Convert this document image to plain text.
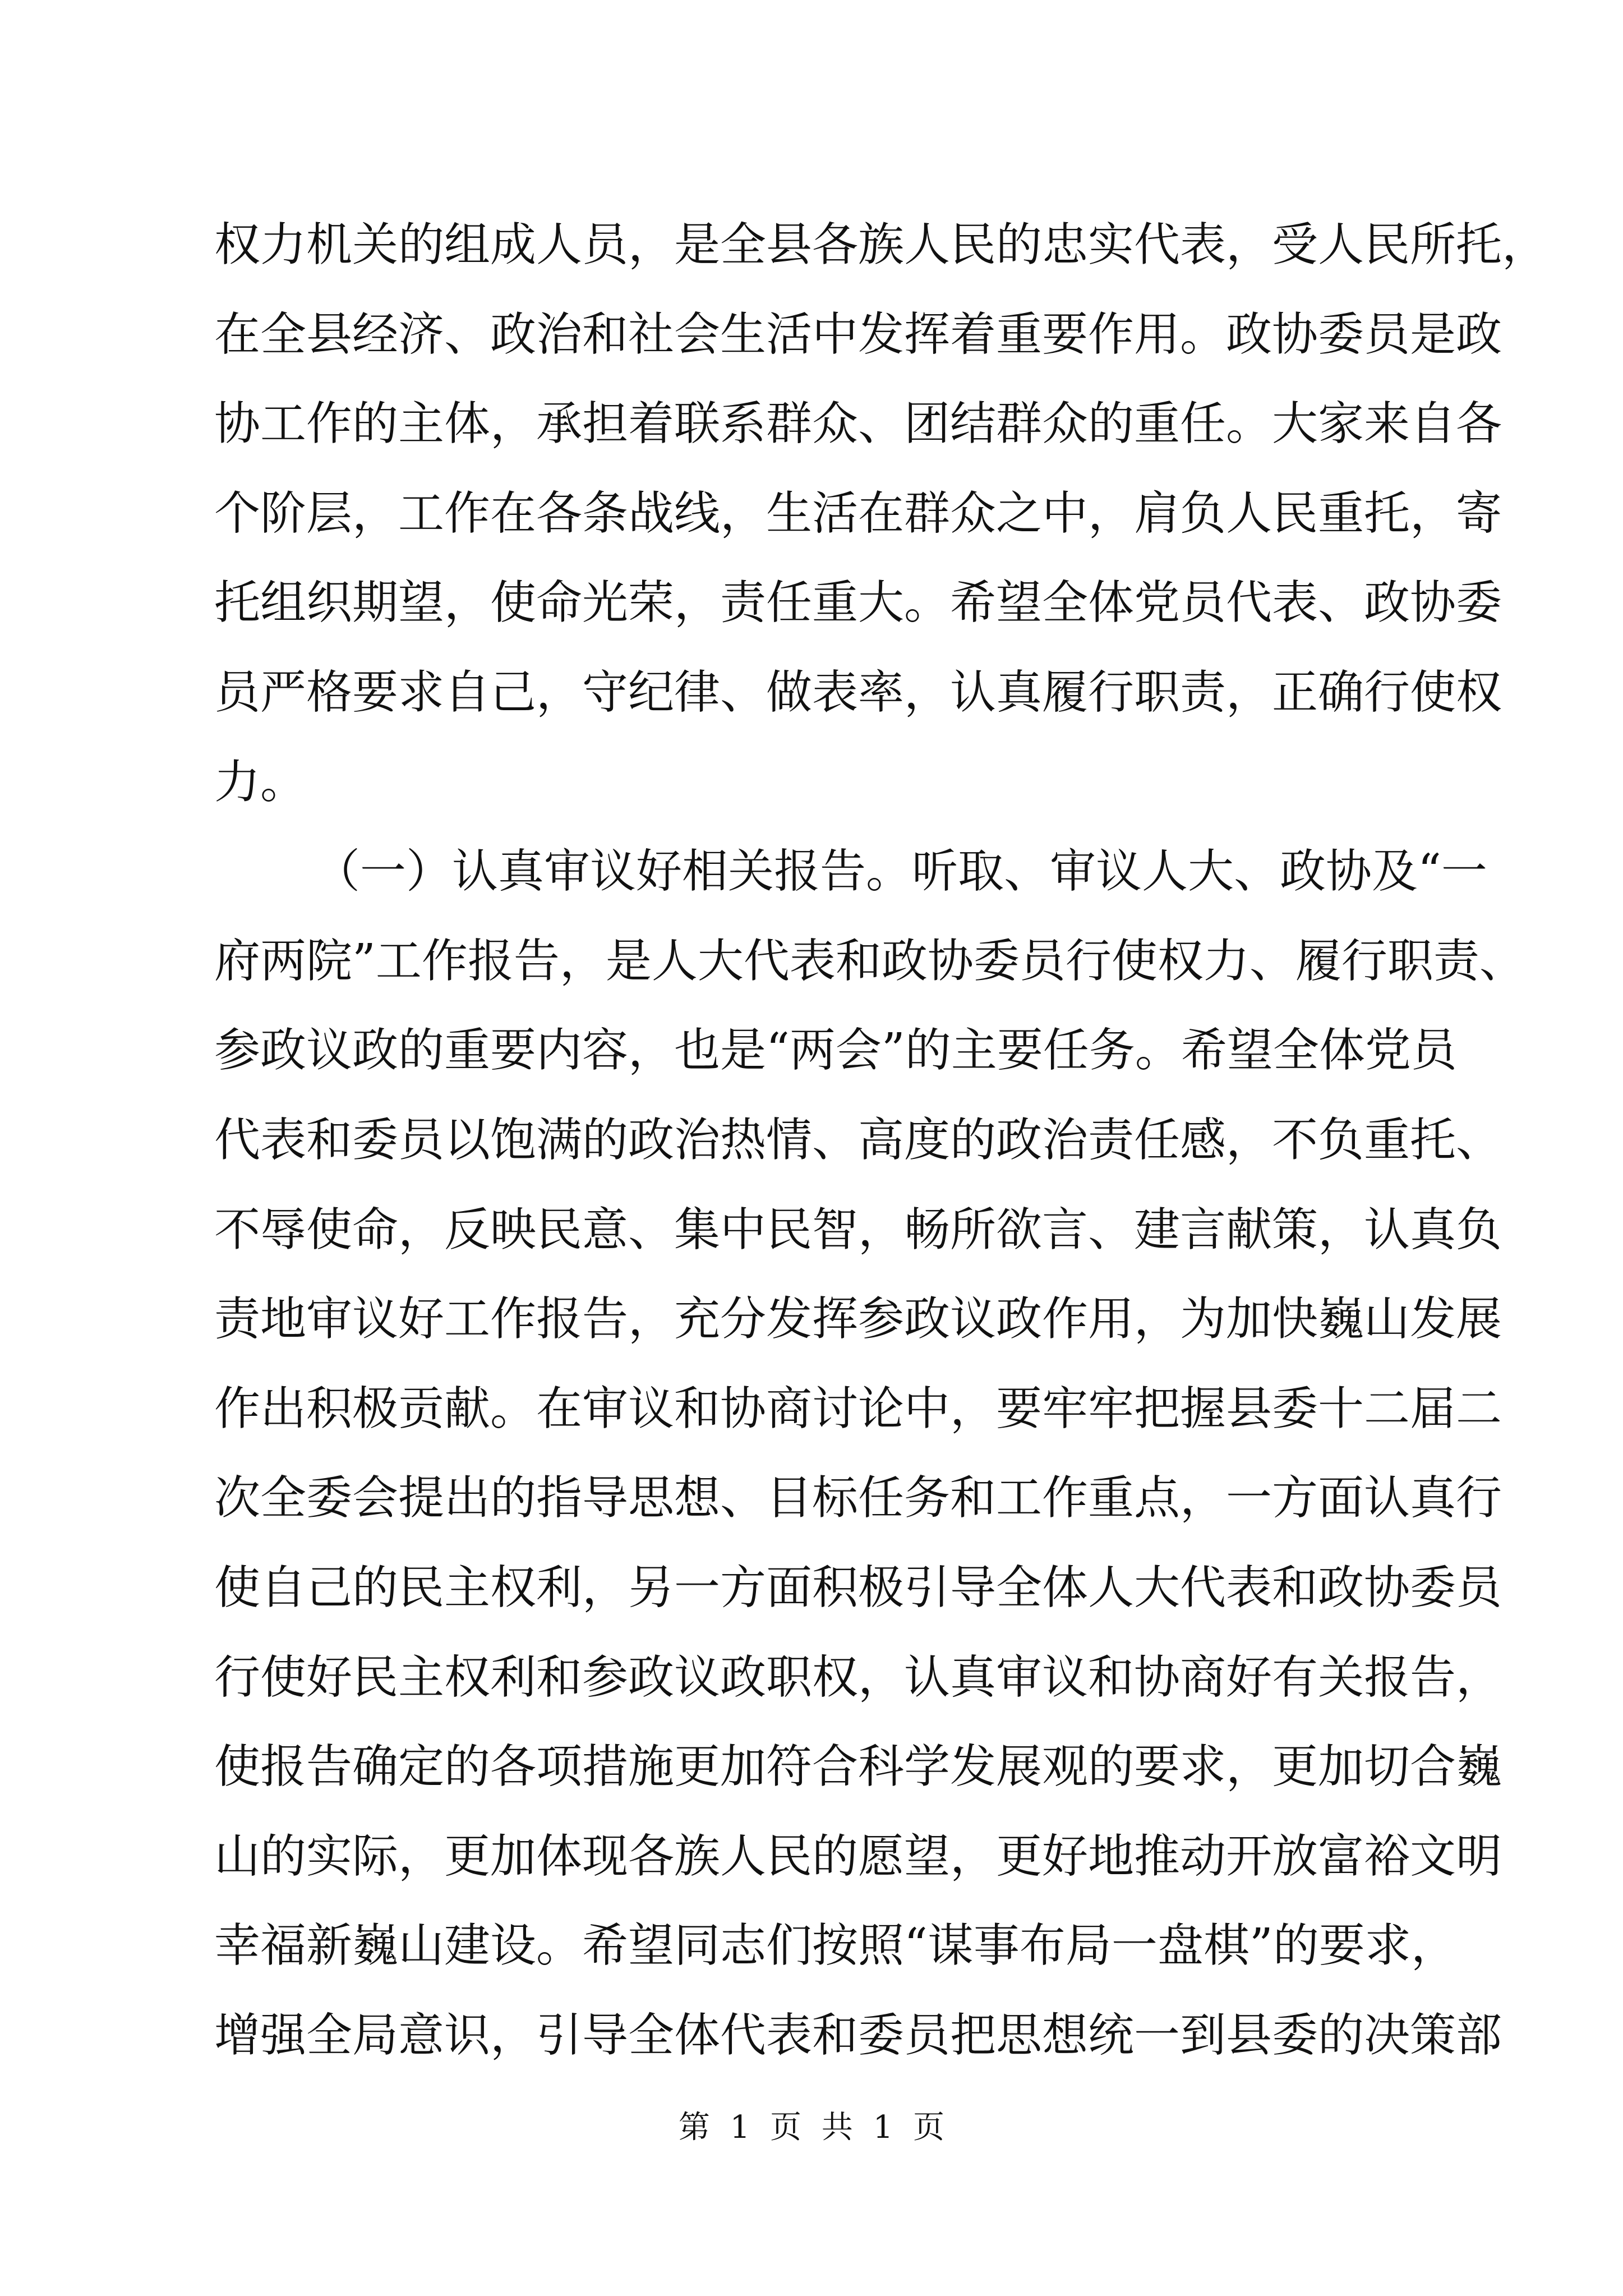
权力机关的组成人员，是全县各族人民的忠实代表，受人民所托，
在全县经济、政治和社会生活中发挥着重要作用。政协委员是政
协工作的主体，承担着联系群众、团结群众的重任。大家来自各
个阶层，工作在各条战线，生活在群众之中，肩负人民重托，寄
托组织期望，使命光荣，责任重大。希望全体党员代表、政协委
员严格要求自己，守纪律、做表率，认真履行职责，正确行使权
力。
（一）认真审议好相关报告。听取、审议人大、政协及“一
府两院”工作报告，是人大代表和政协委员行使权力、履行职责、
参政议政的重要内容，也是“两会”的主要任务。希望全体党员
代表和委员以饱满的政治热情、高度的政治责任感，不负重托、
不辱使命，反映民意、集中民智，畅所欲言、建言献策，认真负
责地审议好工作报告，充分发挥参政议政作用，为加快巍山发展
作出积极贡献。在审议和协商讨论中，要牢牢把握县委十二届二
次全委会提出的指导思想、目标任务和工作重点，一方面认真行
使自己的民主权利，另一方面积极引导全体人大代表和政协委员
行使好民主权利和参政议政职权，认真审议和协商好有关报告，
使报告确定的各项措施更加符合科学发展观的要求，更加切合巍
山的实际，更加体现各族人民的愿望，更好地推动开放富裕文明
幸福新巍山建设。希望同志们按照“谋事布局一盘棋”的要求，
增强全局意识，引导全体代表和委员把思想统一到县委的决策部
第 1 页 共 1 页
